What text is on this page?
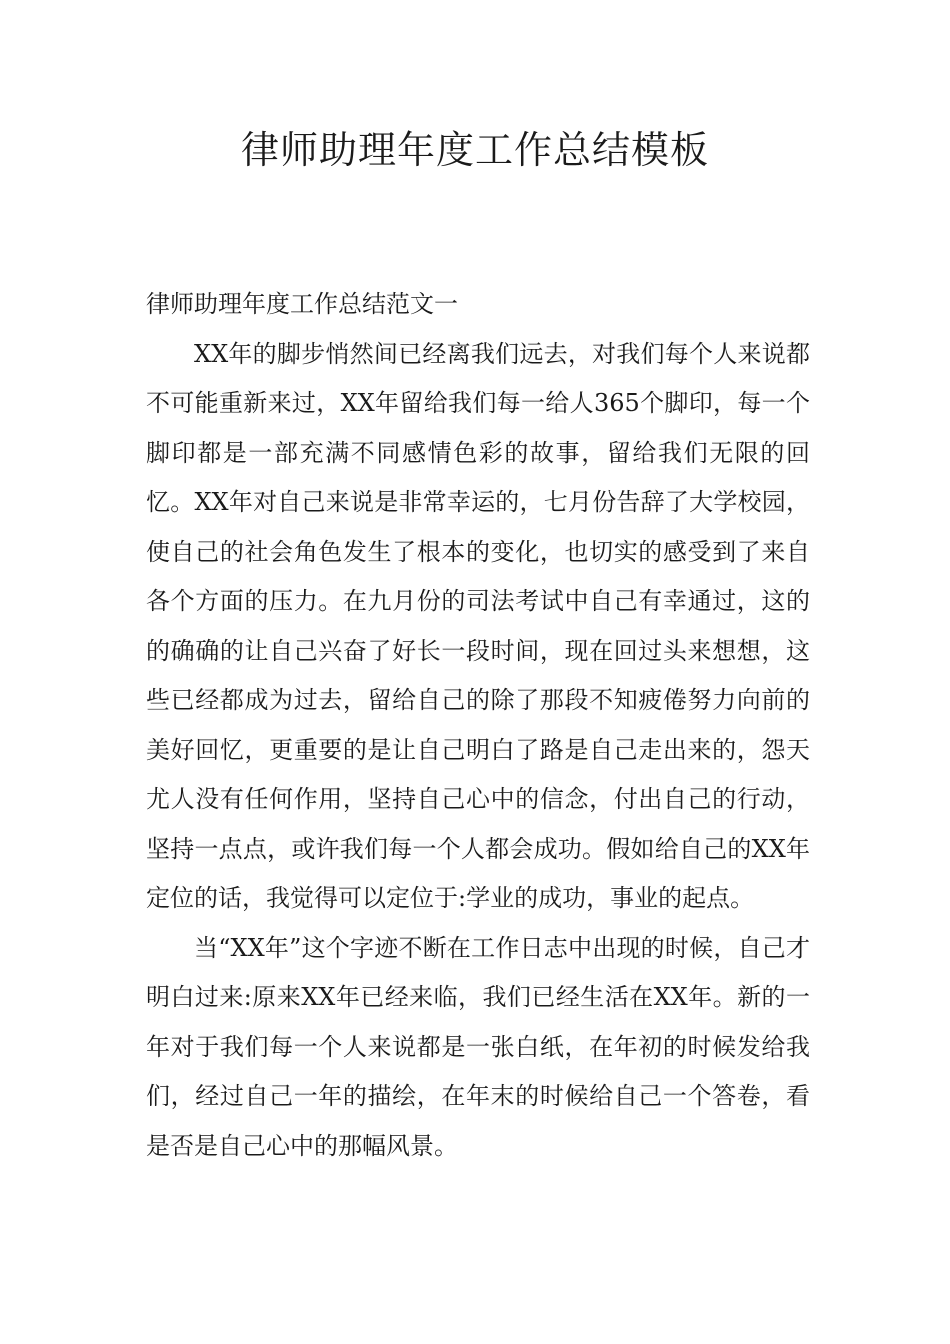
律师助理年度工作总结模板

律师助理年度工作总结范文一

XX年的脚步悄然间已经离我们远去，对我们每个人来说都不可能重新来过，XX年留给我们每一给人365个脚印，每一个脚印都是一部充满不同感情色彩的故事，留给我们无限的回忆。XX年对自己来说是非常幸运的，七月份告辞了大学校园，使自己的社会角色发生了根本的变化，也切实的感受到了来自各个方面的压力。在九月份的司法考试中自己有幸通过，这的的确确的让自己兴奋了好长一段时间，现在回过头来想想，这些已经都成为过去，留给自己的除了那段不知疲倦努力向前的美好回忆，更重要的是让自己明白了路是自己走出来的，怨天尤人没有任何作用，坚持自己心中的信念，付出自己的行动，坚持一点点，或许我们每一个人都会成功。假如给自己的XX年定位的话，我觉得可以定位于:学业的成功，事业的起点。

当“XX年”这个字迹不断在工作日志中出现的时候，自己才明白过来:原来XX年已经来临，我们已经生活在XX年。新的一年对于我们每一个人来说都是一张白纸，在年初的时候发给我们，经过自己一年的描绘，在年末的时候给自己一个答卷，看是否是自己心中的那幅风景。
